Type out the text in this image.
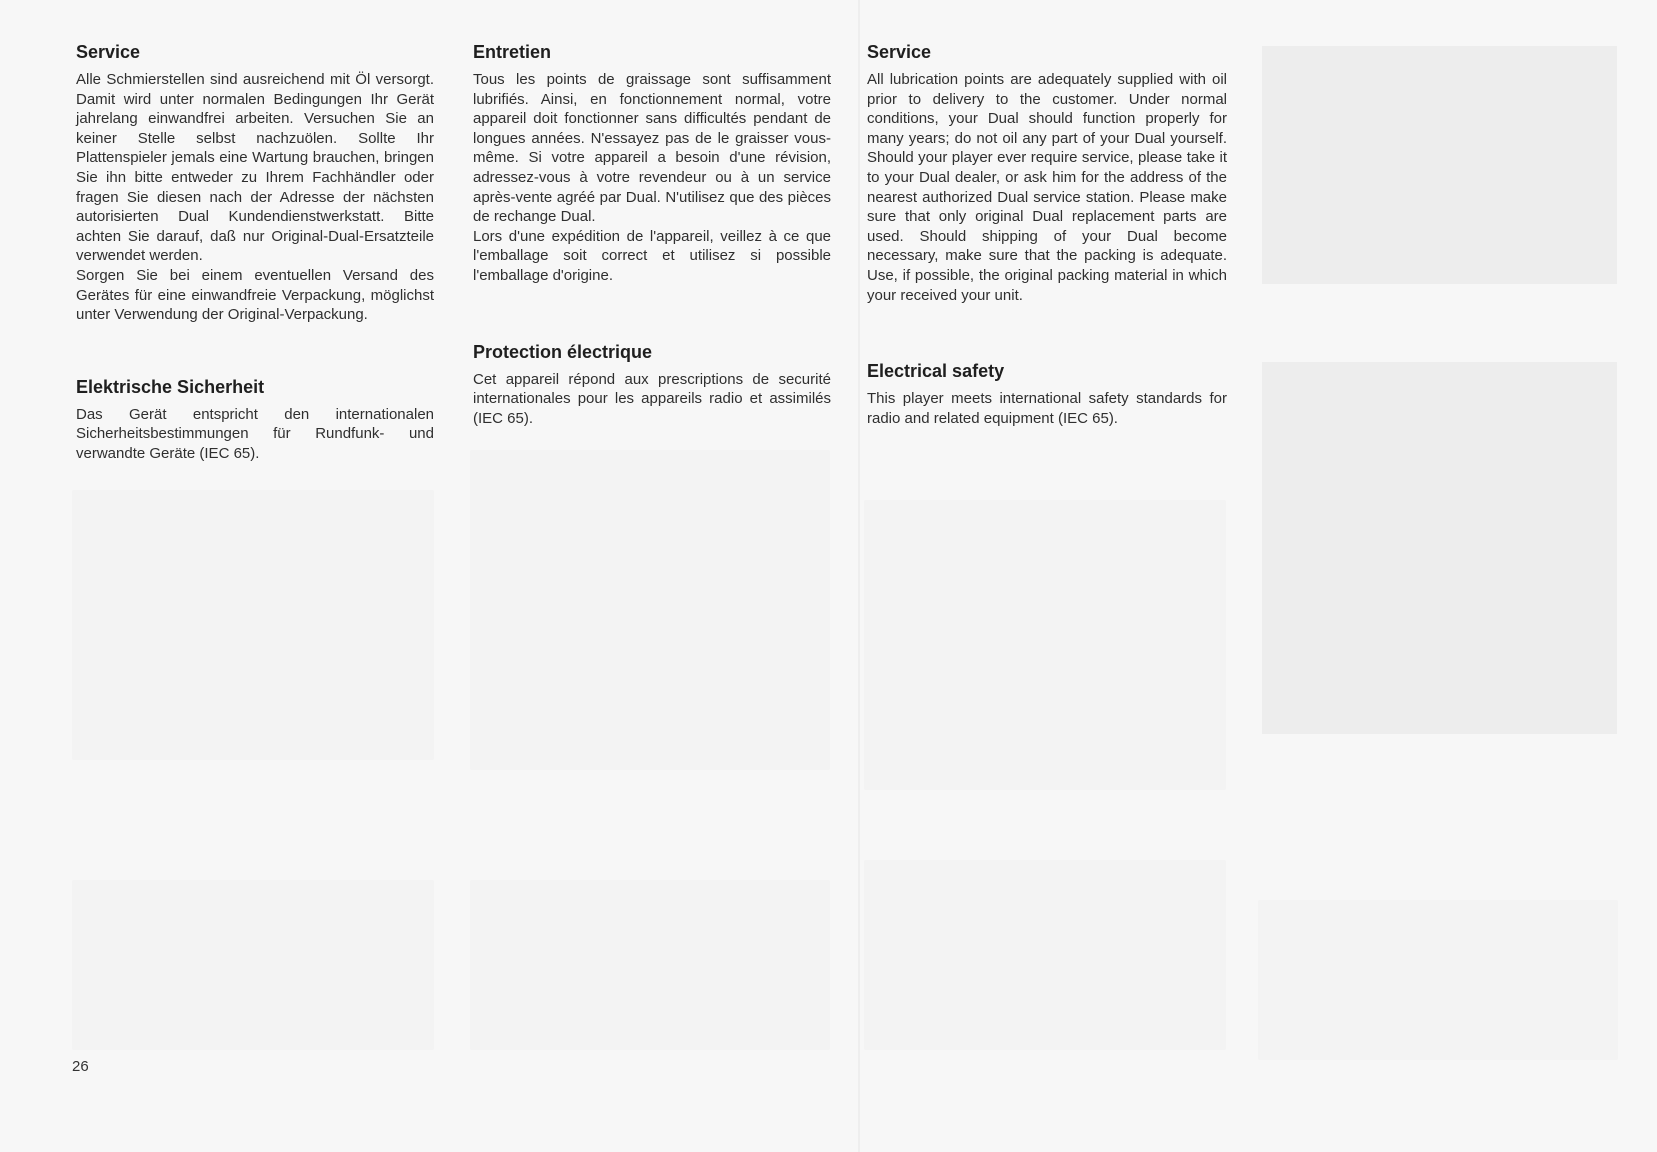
Service

Alle Schmierstellen sind ausreichend mit Öl versorgt. Damit wird unter normalen Bedingungen Ihr Gerät jahrelang einwandfrei arbeiten. Versuchen Sie an keiner Stelle selbst nachzuölen. Sollte Ihr Plattenspieler jemals eine Wartung brauchen, bringen Sie ihn bitte entweder zu Ihrem Fachhändler oder fragen Sie diesen nach der Adresse der nächsten autorisierten Dual Kundendienstwerkstatt. Bitte achten Sie darauf, daß nur Original-Dual-Ersatzteile verwendet werden.

Sorgen Sie bei einem eventuellen Versand des Gerätes für eine einwandfreie Verpackung, möglichst unter Verwendung der Original-Verpackung.

Elektrische Sicherheit

Das Gerät entspricht den internationalen Sicherheitsbestimmungen für Rundfunk- und verwandte Geräte (IEC 65).

Entretien

Tous les points de graissage sont suffisamment lubrifiés. Ainsi, en fonctionnement normal, votre appareil doit fonctionner sans difficultés pendant de longues années. N'essayez pas de le graisser vous-même. Si votre appareil a besoin d'une révision, adressez-vous à votre revendeur ou à un service après-vente agréé par Dual. N'utilisez que des pièces de rechange Dual.

Lors d'une expédition de l'appareil, veillez à ce que l'emballage soit correct et utilisez si possible l'emballage d'origine.

Protection électrique

Cet appareil répond aux prescriptions de securité internationales pour les appareils radio et assimilés (IEC 65).

Service

All lubrication points are adequately supplied with oil prior to delivery to the customer. Under normal conditions, your Dual should function properly for many years; do not oil any part of your Dual yourself. Should your player ever require service, please take it to your Dual dealer, or ask him for the address of the nearest authorized Dual service station. Please make sure that only original Dual replacement parts are used. Should shipping of your Dual become necessary, make sure that the packing is adequate. Use, if possible, the original packing material in which your received your unit.

Electrical safety

This player meets international safety standards for radio and related equipment (IEC 65).

26
